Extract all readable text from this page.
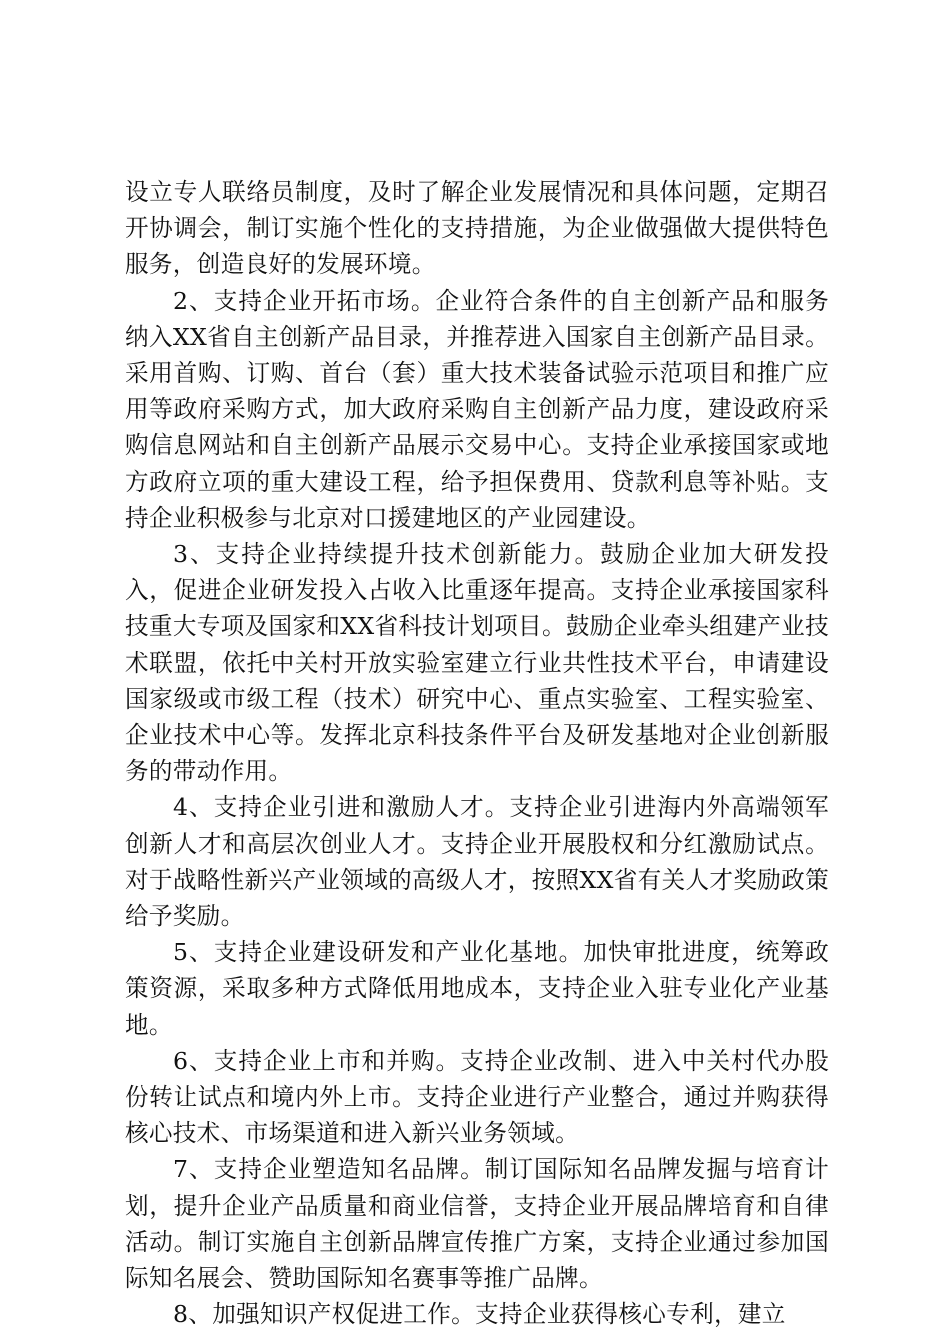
设立专人联络员制度，及时了解企业发展情况和具体问题，定期召开协调会，制订实施个性化的支持措施，为企业做强做大提供特色服务，创造良好的发展环境。

2、支持企业开拓市场。企业符合条件的自主创新产品和服务纳入XX省自主创新产品目录，并推荐进入国家自主创新产品目录。采用首购、订购、首台（套）重大技术装备试验示范项目和推广应用等政府采购方式，加大政府采购自主创新产品力度，建设政府采购信息网站和自主创新产品展示交易中心。支持企业承接国家或地方政府立项的重大建设工程，给予担保费用、贷款利息等补贴。支持企业积极参与北京对口援建地区的产业园建设。

3、支持企业持续提升技术创新能力。鼓励企业加大研发投入，促进企业研发投入占收入比重逐年提高。支持企业承接国家科技重大专项及国家和XX省科技计划项目。鼓励企业牵头组建产业技术联盟，依托中关村开放实验室建立行业共性技术平台，申请建设国家级或市级工程（技术）研究中心、重点实验室、工程实验室、企业技术中心等。发挥北京科技条件平台及研发基地对企业创新服务的带动作用。

4、支持企业引进和激励人才。支持企业引进海内外高端领军创新人才和高层次创业人才。支持企业开展股权和分红激励试点。对于战略性新兴产业领域的高级人才，按照XX省有关人才奖励政策给予奖励。

5、支持企业建设研发和产业化基地。加快审批进度，统筹政策资源，采取多种方式降低用地成本，支持企业入驻专业化产业基地。

6、支持企业上市和并购。支持企业改制、进入中关村代办股份转让试点和境内外上市。支持企业进行产业整合，通过并购获得核心技术、市场渠道和进入新兴业务领域。

7、支持企业塑造知名品牌。制订国际知名品牌发掘与培育计划，提升企业产品质量和商业信誉，支持企业开展品牌培育和自律活动。制订实施自主创新品牌宣传推广方案，支持企业通过参加国际知名展会、赞助国际知名赛事等推广品牌。

8、加强知识产权促进工作。支持企业获得核心专利，建立
